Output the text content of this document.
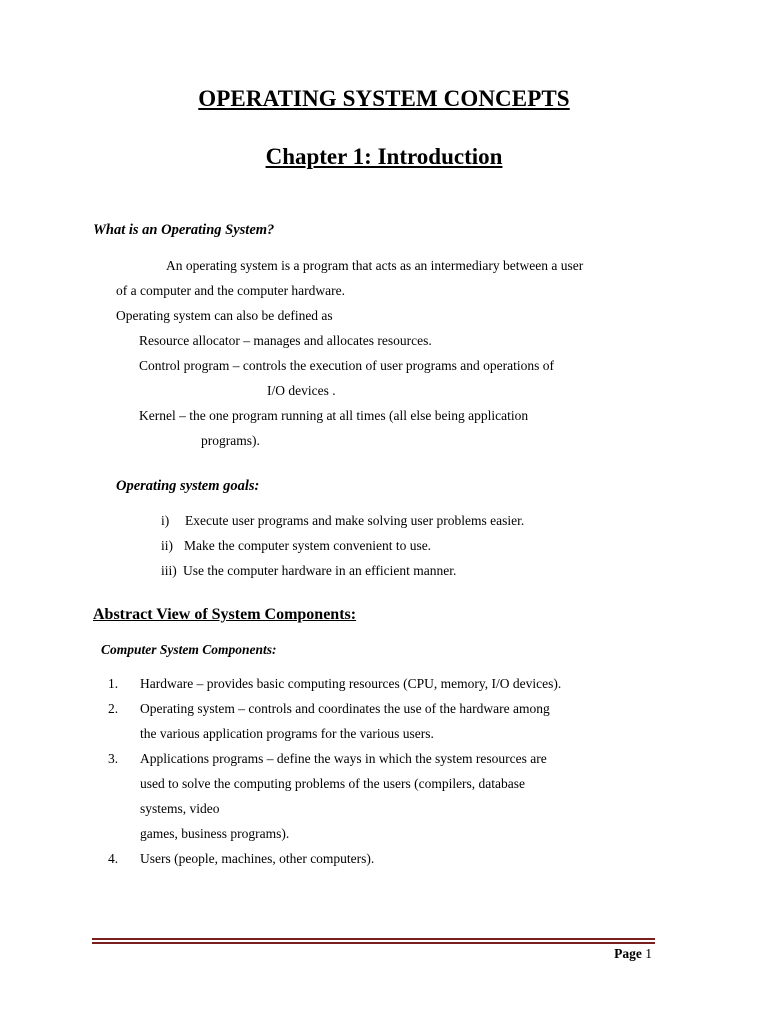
OPERATING SYSTEM CONCEPTS
Chapter 1: Introduction
What is an Operating System?

An operating system is a program that acts as an intermediary between a user

of a computer and the computer hardware.

Operating system can also be defined as

Resource allocator – manages and allocates resources.

Control program – controls the execution of user programs and operations of

I/O devices .

Kernel – the one program running at all times (all else being application

programs).

Operating system goals:
i) Execute user programs and make solving user problems easier.
ii) Make the computer system convenient to use.
iii) Use the computer hardware in an efficient manner.
Abstract View of System Components:
Computer System Components:
1. Hardware – provides basic computing resources (CPU, memory, I/O devices).
2. Operating system – controls and coordinates the use of the hardware among
the various application programs for the various users.
3. Applications programs – define the ways in which the system resources are
used to solve the computing problems of the users (compilers, database
systems, video
games, business programs).
4. Users (people, machines, other computers).
Page 1
